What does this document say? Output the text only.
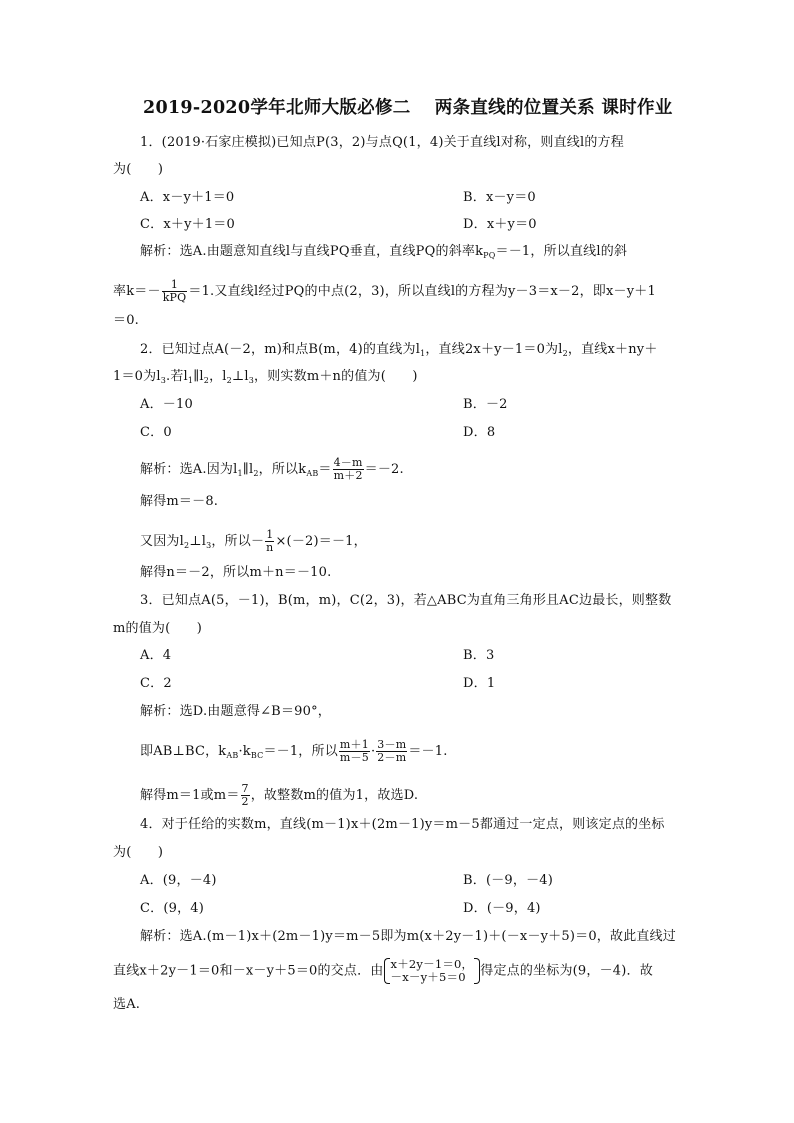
2019-2020学年北师大版必修二　 两条直线的位置关系 课时作业
1．(2019·石家庄模拟)已知点P(3，2)与点Q(1，4)关于直线l对称，则直线l的方程
为(　　)
A．x－y＋1＝0	B．x－y＝0
C．x＋y＋1＝0	D．x＋y＝0
解析：选A.由题意知直线l与直线PQ垂直，直线PQ的斜率$k_{PQ}=-1$，所以直线l的斜
率$k=- \frac{1}{\text{kPQ}} =1$.又直线l经过PQ的中点(2，3)，所以直线l的方程为y－3＝x－2，即x－y＋1
＝0.
2．已知过点A(－2，m)和点B(m，4)的直线为$l_1$，直线2x＋y－1＝0为$l_2$，直线x＋ny＋
1＝0为$l_3$.若$l_1\parallel l_2$，$l_2\perp l_3$，则实数m＋n的值为(　　)
A．－10	B．－2
C．0	D．8
解析：选A.因为$l_1\parallel l_2$，所以$k_{AB}= \frac{4-m}{m+2} =-2$.
解得m＝－8.
又因为$l_2\perp l_3$，所以－ $\frac{1}{n} \times(-2)=-1$，
解得n＝－2，所以m＋n＝－10.
3．已知点A(5，－1)，B(m，m)，C(2，3)，若△ABC为直角三角形且AC边最长，则整数
m的值为(　　)
A．4	B．3
C．2	D．1
解析：选D.由题意得∠B＝90°，
即AB⊥BC，$k_{AB}\cdot k_{BC}=-1$，所以 $\frac{m+1}{m-5} \cdot \frac{3-m}{2-m} =-1$.
解得m＝1或$m= \frac{7}{2}$ ，故整数m的值为1，故选D.
4．对于任给的实数m，直线(m－1)x＋(2m－1)y＝m－5都通过一定点，则该定点的坐标
为(　　)
A．(9，－4)	B．(－9，－4)
C．(9，4)	D．(－9，4)
解析：选A.(m－1)x＋(2m－1)y＝m－5即为m(x＋2y－1)＋(－x－y＋5)＝0，故此直线过
直线x＋2y－1＝0和－x－y＋5＝0的交点．由 x＋2y－1＝0，
－x－y＋5＝0	得定点的坐标为(9，－4)．故
选A.
